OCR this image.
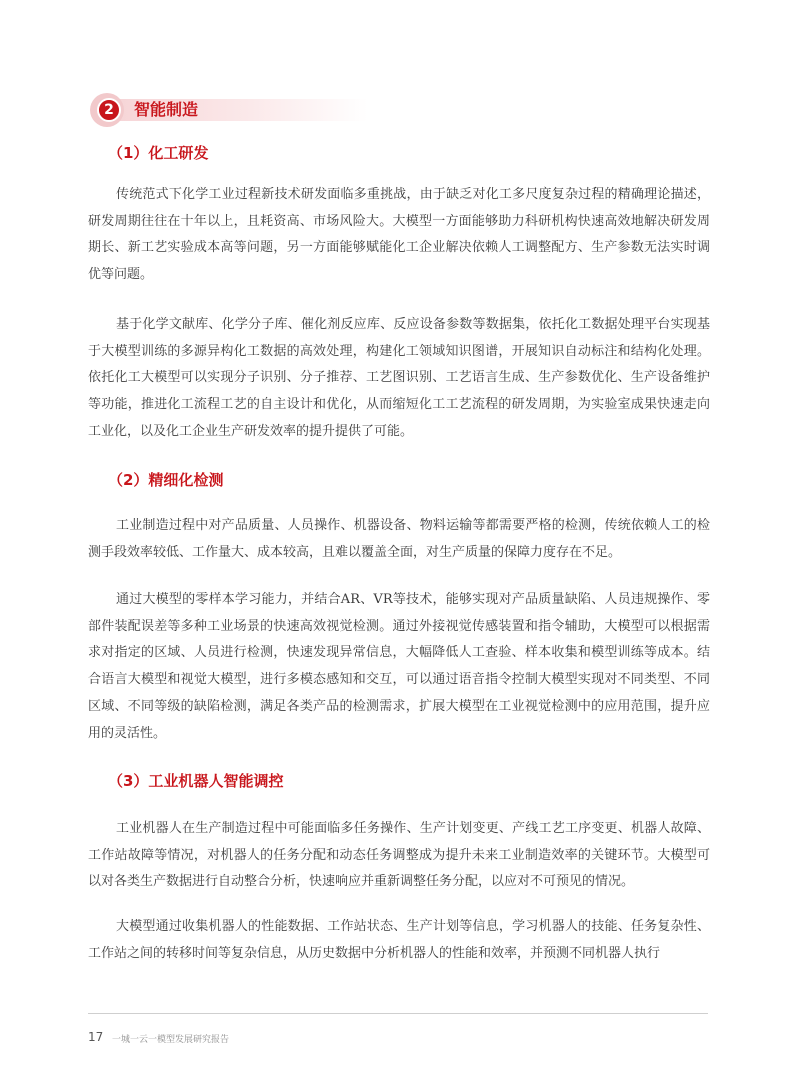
2	智能制造
（1）化工研发

传统范式下化学工业过程新技术研发面临多重挑战，由于缺乏对化工多尺度复杂过程的精确理论描述，研发周期往往在十年以上，且耗资高、市场风险大。大模型一方面能够助力科研机构快速高效地解决研发周期长、新工艺实验成本高等问题，另一方面能够赋能化工企业解决依赖人工调整配方、生产参数无法实时调优等问题。

基于化学文献库、化学分子库、催化剂反应库、反应设备参数等数据集，依托化工数据处理平台实现基于大模型训练的多源异构化工数据的高效处理，构建化工领域知识图谱，开展知识自动标注和结构化处理。依托化工大模型可以实现分子识别、分子推荐、工艺图识别、工艺语言生成、生产参数优化、生产设备维护等功能，推进化工流程工艺的自主设计和优化，从而缩短化工工艺流程的研发周期，为实验室成果快速走向工业化，以及化工企业生产研发效率的提升提供了可能。

（2）精细化检测

工业制造过程中对产品质量、人员操作、机器设备、物料运输等都需要严格的检测，传统依赖人工的检测手段效率较低、工作量大、成本较高，且难以覆盖全面，对生产质量的保障力度存在不足。

通过大模型的零样本学习能力，并结合AR、VR等技术，能够实现对产品质量缺陷、人员违规操作、零部件装配误差等多种工业场景的快速高效视觉检测。通过外接视觉传感装置和指令辅助，大模型可以根据需求对指定的区域、人员进行检测，快速发现异常信息，大幅降低人工查验、样本收集和模型训练等成本。结合语言大模型和视觉大模型，进行多模态感知和交互，可以通过语音指令控制大模型实现对不同类型、不同区域、不同等级的缺陷检测，满足各类产品的检测需求，扩展大模型在工业视觉检测中的应用范围，提升应用的灵活性。

（3）工业机器人智能调控

工业机器人在生产制造过程中可能面临多任务操作、生产计划变更、产线工艺工序变更、机器人故障、工作站故障等情况，对机器人的任务分配和动态任务调整成为提升未来工业制造效率的关键环节。大模型可以对各类生产数据进行自动整合分析，快速响应并重新调整任务分配，以应对不可预见的情况。

大模型通过收集机器人的性能数据、工作站状态、生产计划等信息，学习机器人的技能、任务复杂性、工作站之间的转移时间等复杂信息，从历史数据中分析机器人的性能和效率，并预测不同机器人执行

17 一城一云一模型发展研究报告
